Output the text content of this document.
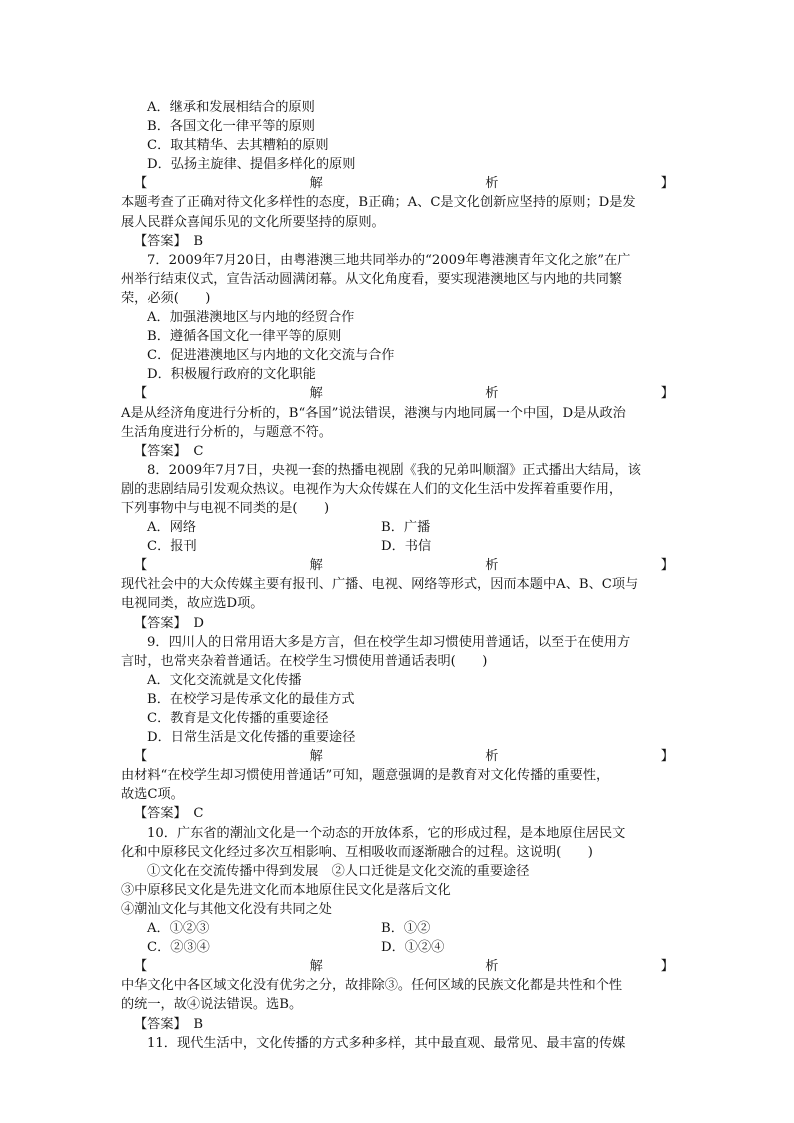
A．继承和发展相结合的原则
B．各国文化一律平等的原则
C．取其精华、去其糟粕的原则
D．弘扬主旋律、提倡多样化的原则
【	解	析	】
本题考查了正确对待文化多样性的态度，B正确；A、C是文化创新应坚持的原则；D是发
展人民群众喜闻乐见的文化所要坚持的原则。
【答案】　B
7．2009年7月20日，由粤港澳三地共同举办的“2009年粤港澳青年文化之旅”在广
州举行结束仪式，宣告活动圆满闭幕。从文化角度看，要实现港澳地区与内地的共同繁
荣，必须(　　)
A．加强港澳地区与内地的经贸合作
B．遵循各国文化一律平等的原则
C．促进港澳地区与内地的文化交流与合作
D．积极履行政府的文化职能
【	解	析	】
A是从经济角度进行分析的，B“各国”说法错误，港澳与内地同属一个中国，D是从政治
生活角度进行分析的，与题意不符。
【答案】　C
8．2009年7月7日，央视一套的热播电视剧《我的兄弟叫顺溜》正式播出大结局，该
剧的悲剧结局引发观众热议。电视作为大众传媒在人们的文化生活中发挥着重要作用，
下列事物中与电视不同类的是(　　)
A．网络	B．广播
C．报刊	D．书信
【	解	析	】
现代社会中的大众传媒主要有报刊、广播、电视、网络等形式，因而本题中A、B、C项与
电视同类，故应选D项。
【答案】　D
9．四川人的日常用语大多是方言，但在校学生却习惯使用普通话，以至于在使用方
言时，也常夹杂着普通话。在校学生习惯使用普通话表明(　　)
A．文化交流就是文化传播
B．在校学习是传承文化的最佳方式
C．教育是文化传播的重要途径
D．日常生活是文化传播的重要途径
【	解	析	】
由材料“在校学生却习惯使用普通话”可知，题意强调的是教育对文化传播的重要性，
故选C项。
【答案】　C
10．广东省的潮汕文化是一个动态的开放体系，它的形成过程，是本地原住居民文
化和中原移民文化经过多次互相影响、互相吸收而逐渐融合的过程。这说明(　　)
①文化在交流传播中得到发展　②人口迁徙是文化交流的重要途径
③中原移民文化是先进文化而本地原住民文化是落后文化
④潮汕文化与其他文化没有共同之处
A．①②③	B．①②
C．②③④	D．①②④
【	解	析	】
中华文化中各区域文化没有优劣之分，故排除③。任何区域的民族文化都是共性和个性
的统一，故④说法错误。选B。
【答案】　B
11．现代生活中，文化传播的方式多种多样，其中最直观、最常见、最丰富的传媒
